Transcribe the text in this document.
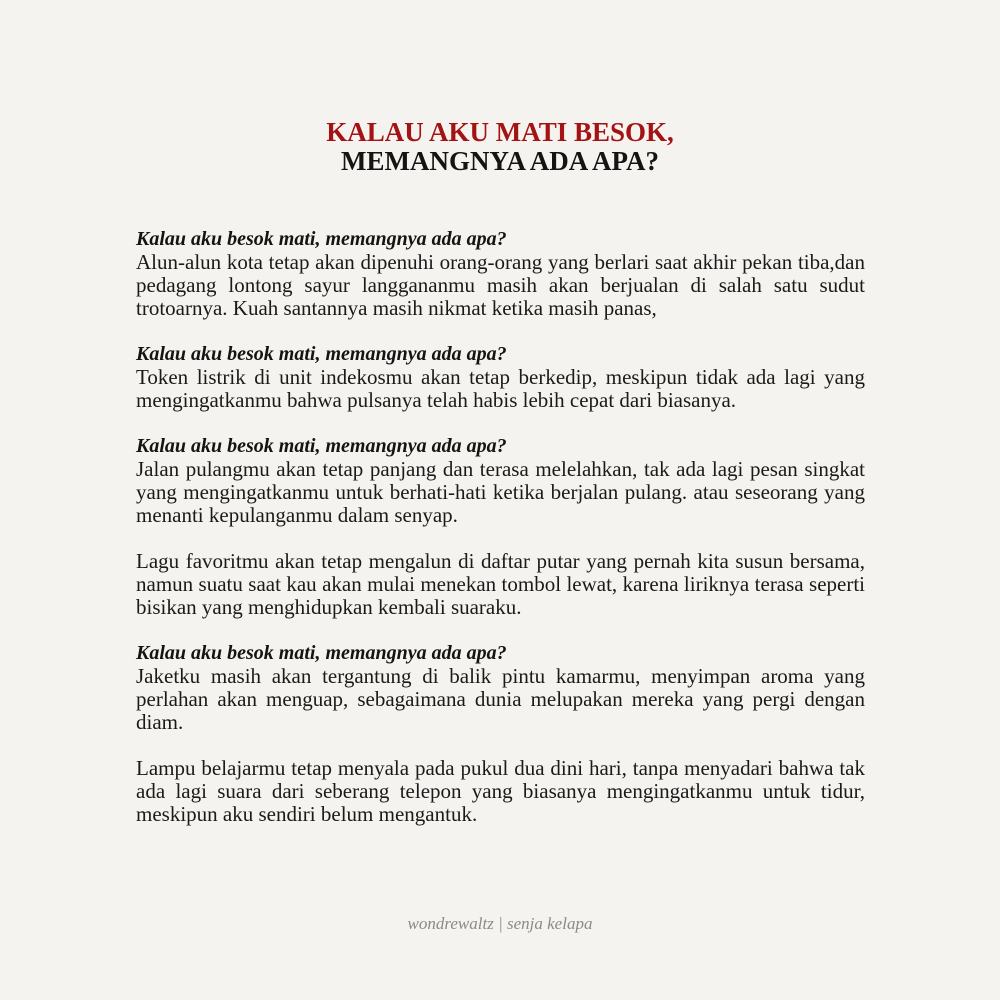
KALAU AKU MATI BESOK,
MEMANGNYA ADA APA?
Kalau aku besok mati, memangnya ada apa?
Alun-alun kota tetap akan dipenuhi orang-orang yang berlari saat akhir pekan tiba,dan pedagang lontong sayur langgananmu masih akan berjualan di salah satu sudut trotoarnya. Kuah santannya masih nikmat ketika masih panas,
Kalau aku besok mati, memangnya ada apa?
Token listrik di unit indekosmu akan tetap berkedip, meskipun tidak ada lagi yang mengingatkanmu bahwa pulsanya telah habis lebih cepat dari biasanya.
Kalau aku besok mati, memangnya ada apa?
Jalan pulangmu akan tetap panjang dan terasa melelahkan, tak ada lagi pesan singkat yang mengingatkanmu untuk berhati-hati ketika berjalan pulang. atau seseorang yang menanti kepulanganmu dalam senyap.
Lagu favoritmu akan tetap mengalun di daftar putar yang pernah kita susun bersama, namun suatu saat kau akan mulai menekan tombol lewat, karena liriknya terasa seperti bisikan yang menghidupkan kembali suaraku.
Kalau aku besok mati, memangnya ada apa?
Jaketku masih akan tergantung di balik pintu kamarmu, menyimpan aroma yang perlahan akan menguap, sebagaimana dunia melupakan mereka yang pergi dengan diam.
Lampu belajarmu tetap menyala pada pukul dua dini hari, tanpa menyadari bahwa tak ada lagi suara dari seberang telepon yang biasanya mengingatkanmu untuk tidur, meskipun aku sendiri belum mengantuk.
wondrewaltz | senja kelapa
